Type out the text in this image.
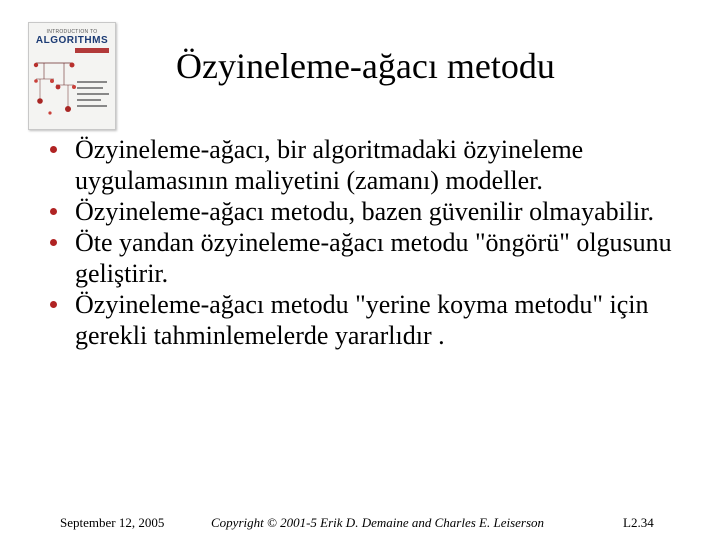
INTRODUCTION TO
ALGORITHMS
Özyineleme-ağacı metodu
Özyineleme-ağacı, bir algoritmadaki özyineleme uygulamasının maliyetini (zamanı) modeller.
Özyineleme-ağacı metodu, bazen güvenilir olmayabilir.
Öte yandan özyineleme-ağacı metodu "öngörü" olgusunu geliştirir.
Özyineleme-ağacı metodu "yerine koyma metodu" için gerekli tahminlemelerde yararlıdır .
September 12, 2005	Copyright © 2001-5 Erik D. Demaine and Charles E. Leiserson	L2.34
